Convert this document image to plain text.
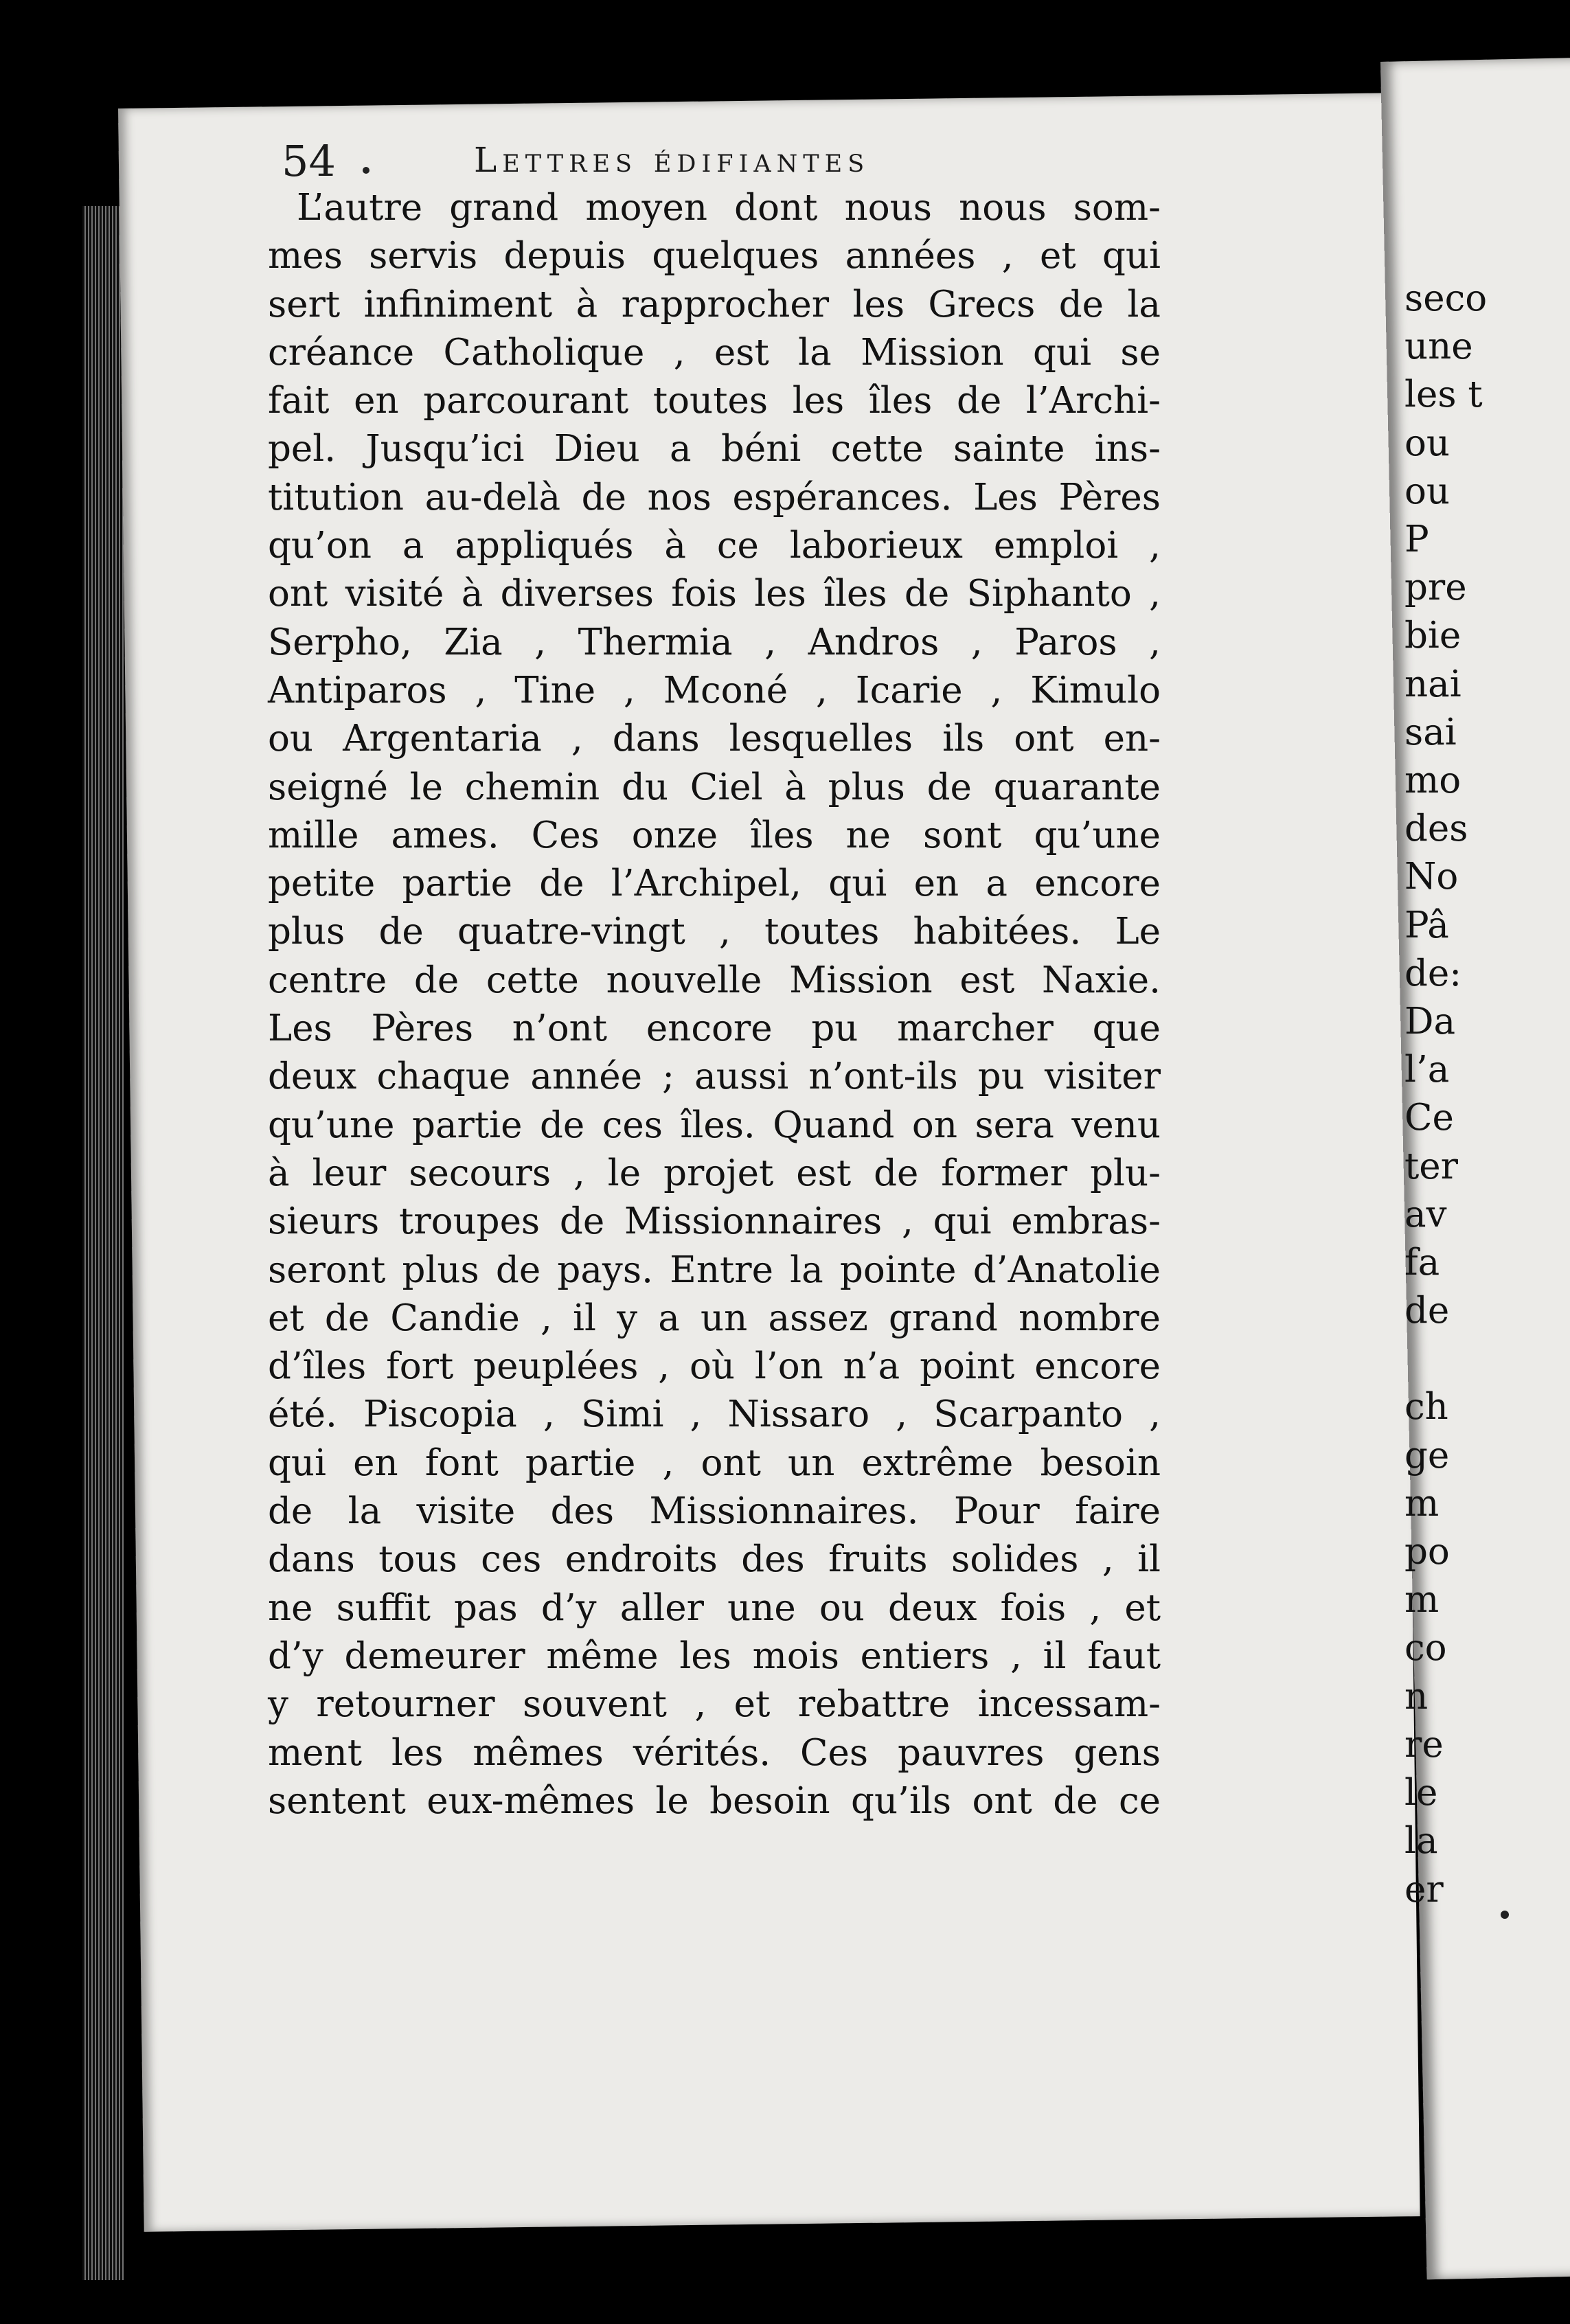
54	Lettres édifiantes
L’autre grand moyen dont nous nous som-
mes servis depuis quelques années , et qui
sert infiniment à rapprocher les Grecs de la
créance Catholique , est la Mission qui se
fait en parcourant toutes les îles de l’Archi-
pel. Jusqu’ici Dieu a béni cette sainte ins-
titution au-delà de nos espérances. Les Pères
qu’on a appliqués à ce laborieux emploi ,
ont visité à diverses fois les îles de Siphanto ,
Serpho, Zia , Thermia , Andros , Paros ,
Antiparos , Tine , Mconé , Icarie , Kimulo
ou Argentaria , dans lesquelles ils ont en-
seigné le chemin du Ciel à plus de quarante
mille ames. Ces onze îles ne sont qu’une
petite partie de l’Archipel, qui en a encore
plus de quatre-vingt , toutes habitées. Le
centre de cette nouvelle Mission est Naxie.
Les Pères n’ont encore pu marcher que
deux chaque année ; aussi n’ont-ils pu visiter
qu’une partie de ces îles. Quand on sera venu
à leur secours , le projet est de former plu-
sieurs troupes de Missionnaires , qui embras-
seront plus de pays. Entre la pointe d’Anatolie
et de Candie , il y a un assez grand nombre
d’îles fort peuplées , où l’on n’a point encore
été. Piscopia , Simi , Nissaro , Scarpanto ,
qui en font partie , ont un extrême besoin
de la visite des Missionnaires. Pour faire
dans tous ces endroits des fruits solides , il
ne suffit pas d’y aller une ou deux fois , et
d’y demeurer même les mois entiers , il faut
y retourner souvent , et rebattre incessam-
ment les mêmes vérités. Ces pauvres gens
sentent eux-mêmes le besoin qu’ils ont de ce
seco
une
les t
ou
ou
P
pre
bie
nai
sai
mo
des
No
Pâ
de:
Da
l’a
Ce
ter
av
fa
de
ch
ge
m
po
m
co
n
re
le
la
er
